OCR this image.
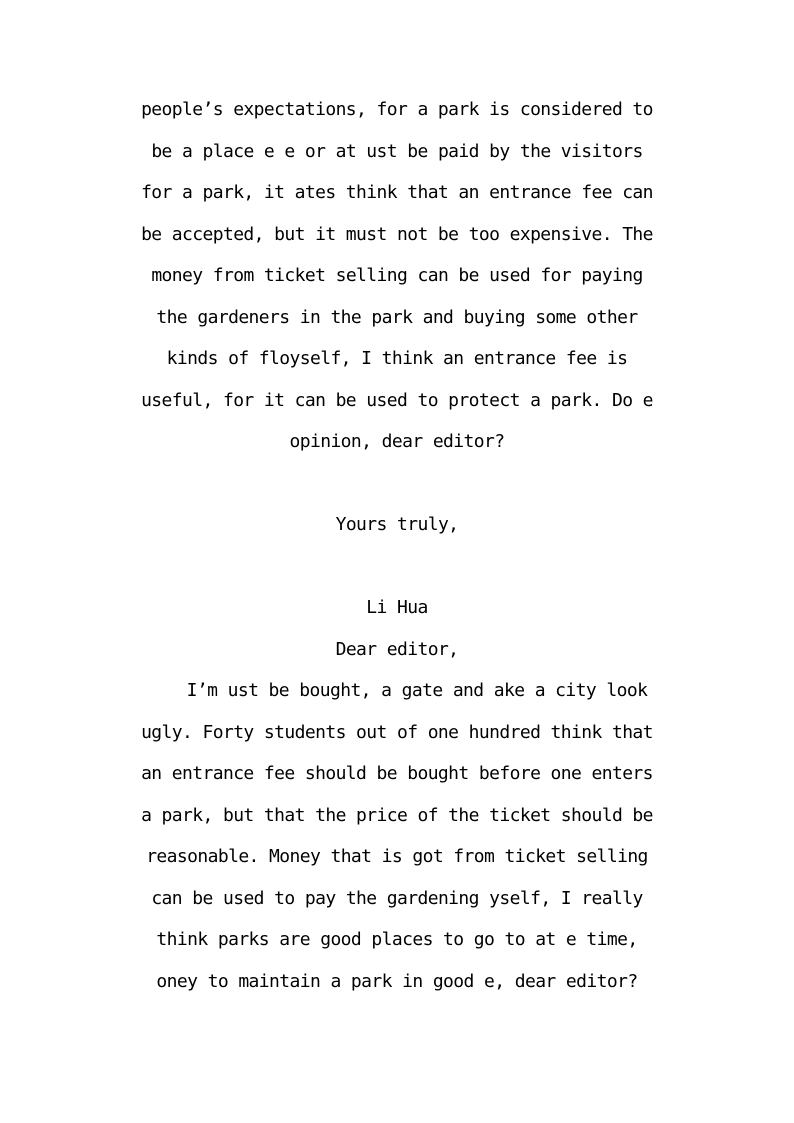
people’s expectations, for a park is considered to
be a place e e or at ust be paid by the visitors
for a park, it ates think that an entrance fee can
be accepted, but it must not be too expensive. The
money from ticket selling can be used for paying
the gardeners in the park and buying some other
kinds of floyself, I think an entrance fee is
useful, for it can be used to protect a park. Do e
opinion, dear editor?
Yours truly,
Li Hua
Dear editor,
I’m ust be bought, a gate and ake a city look
ugly. Forty students out of one hundred think that
an entrance fee should be bought before one enters
a park, but that the price of the ticket should be
reasonable. Money that is got from ticket selling
can be used to pay the gardening yself, I really
think parks are good places to go to at e time,
oney to maintain a park in good e, dear editor?
